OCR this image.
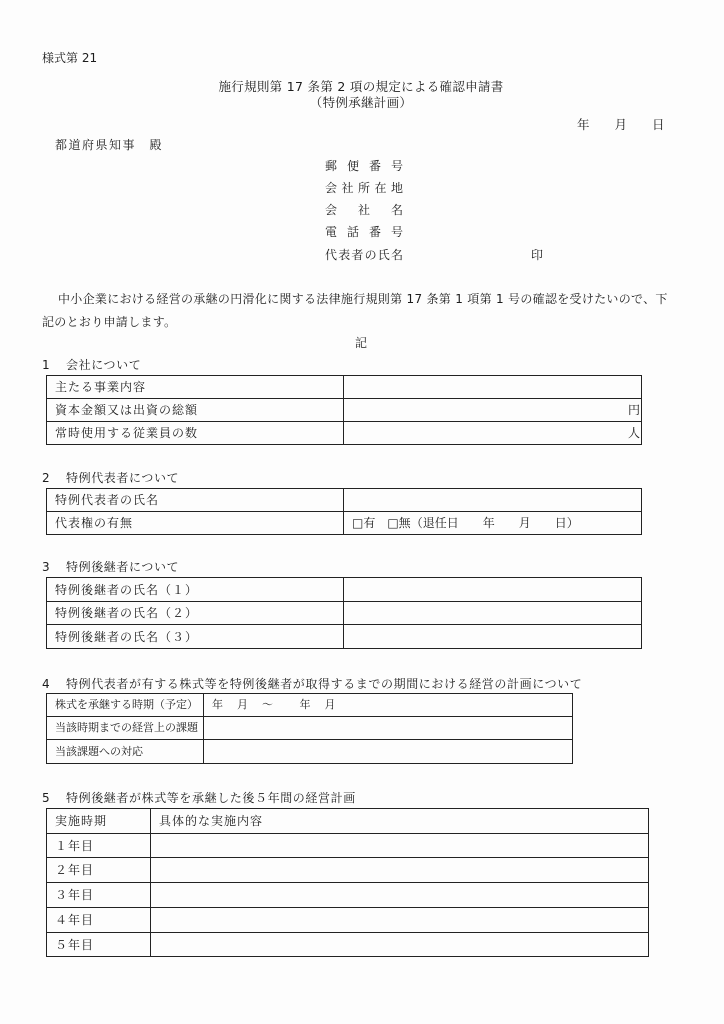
様式第 21
施行規則第 17 条第 2 項の規定による確認申請書
（特例承継計画）
年　　月　　日
都道府県知事　殿
郵 便 番 号
会 社 所 在 地
会　社　名
電 話 番 号
代表者の氏名	印
中小企業における経営の承継の円滑化に関する法律施行規則第 17 条第 1 項第 1 号の確認を受けたいので、下
記のとおり申請します。
記
1 会社について
主たる事業内容	
資本金額又は出資の総額	円
常時使用する従業員の数	人
2 特例代表者について
特例代表者の氏名	
代表権の有無	□有 □無（退任日　　年　　月　　日）
3 特例後継者について
特例後継者の氏名（１）	
特例後継者の氏名（２）	
特例後継者の氏名（３）	
4 特例代表者が有する株式等を特例後継者が取得するまでの期間における経営の計画について
株式を承継する時期（予定）	年　月　～　　年　月
当該時期までの経営上の課題	
当該課題への対応	
5 特例後継者が株式等を承継した後５年間の経営計画
実施時期	具体的な実施内容
１年目	
２年目	
３年目	
４年目	
５年目	
